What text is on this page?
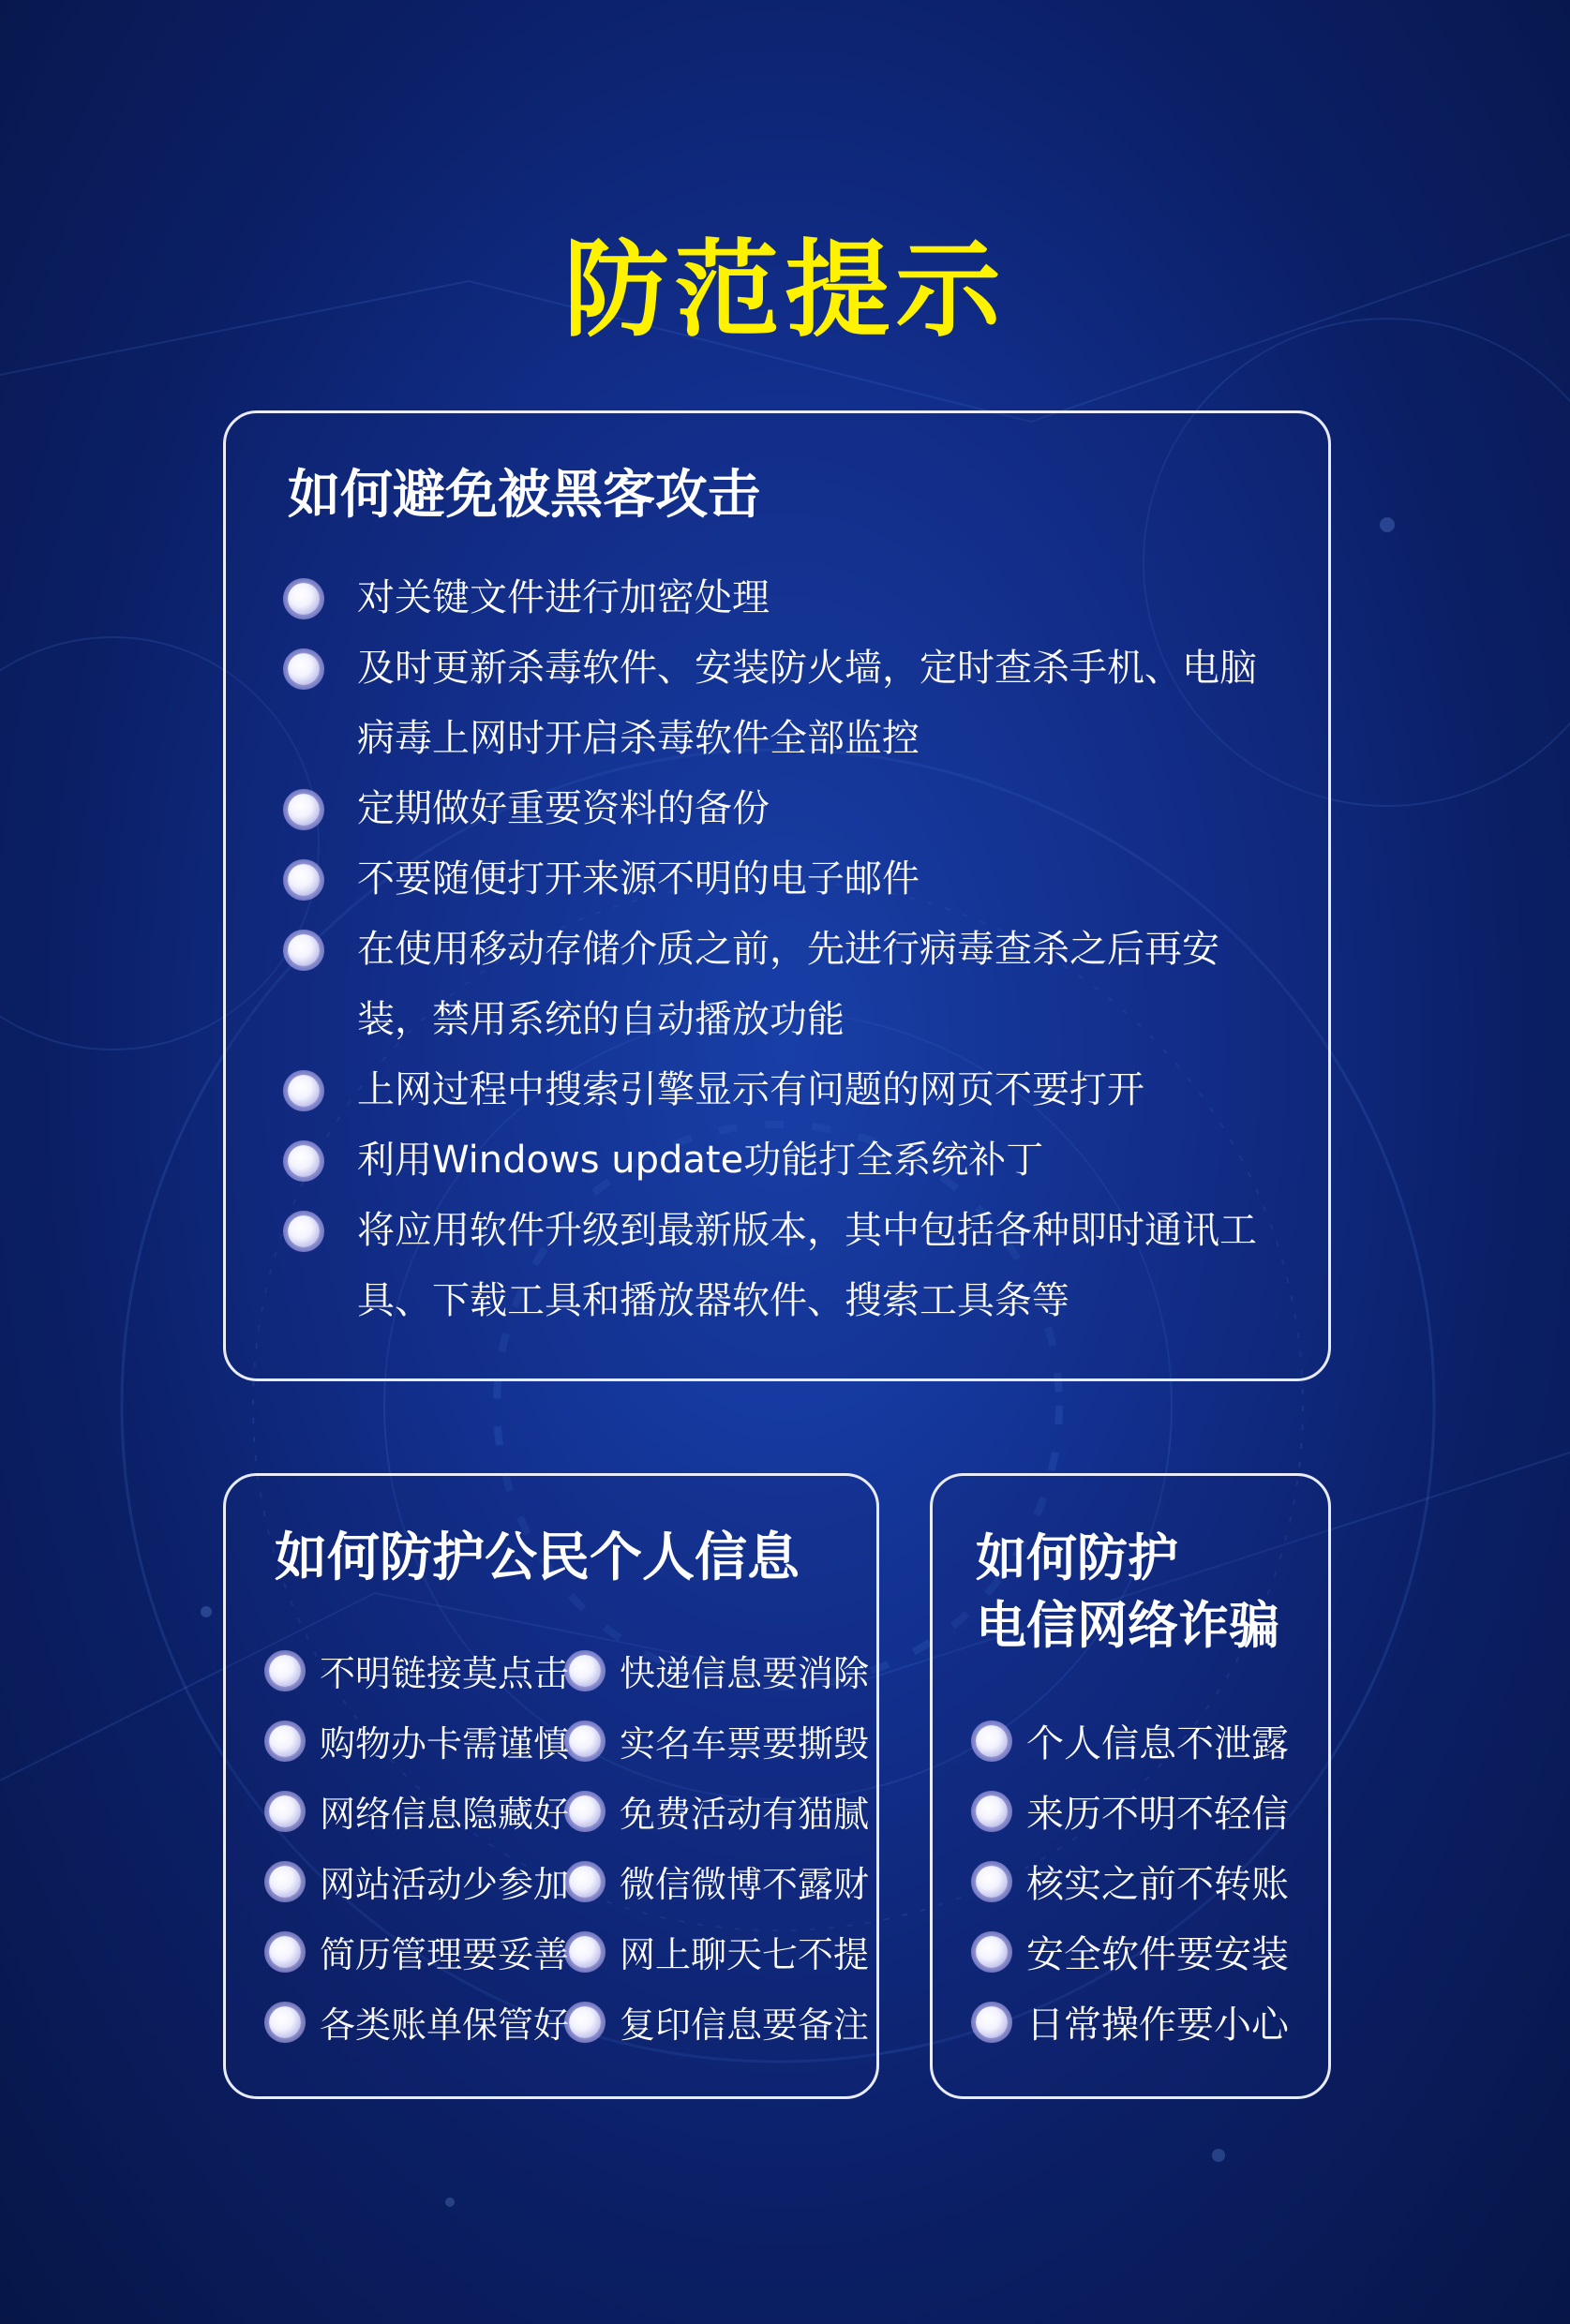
防范提示
如何避免被黑客攻击
对关键文件进行加密处理
及时更新杀毒软件、安装防火墙，定时查杀手机、电脑病毒上网时开启杀毒软件全部监控
定期做好重要资料的备份
不要随便打开来源不明的电子邮件
在使用移动存储介质之前，先进行病毒查杀之后再安装，禁用系统的自动播放功能
上网过程中搜索引擎显示有问题的网页不要打开
利用Windows update功能打全系统补丁
将应用软件升级到最新版本，其中包括各种即时通讯工具、下载工具和播放器软件、搜索工具条等
如何防护公民个人信息
不明链接莫点击 快递信息要消除
购物办卡需谨慎 实名车票要撕毁
网络信息隐藏好 免费活动有猫腻
网站活动少参加 微信微博不露财
简历管理要妥善 网上聊天七不提
各类账单保管好 复印信息要备注
如何防护
电信网络诈骗
个人信息不泄露
来历不明不轻信
核实之前不转账
安全软件要安装
日常操作要小心
